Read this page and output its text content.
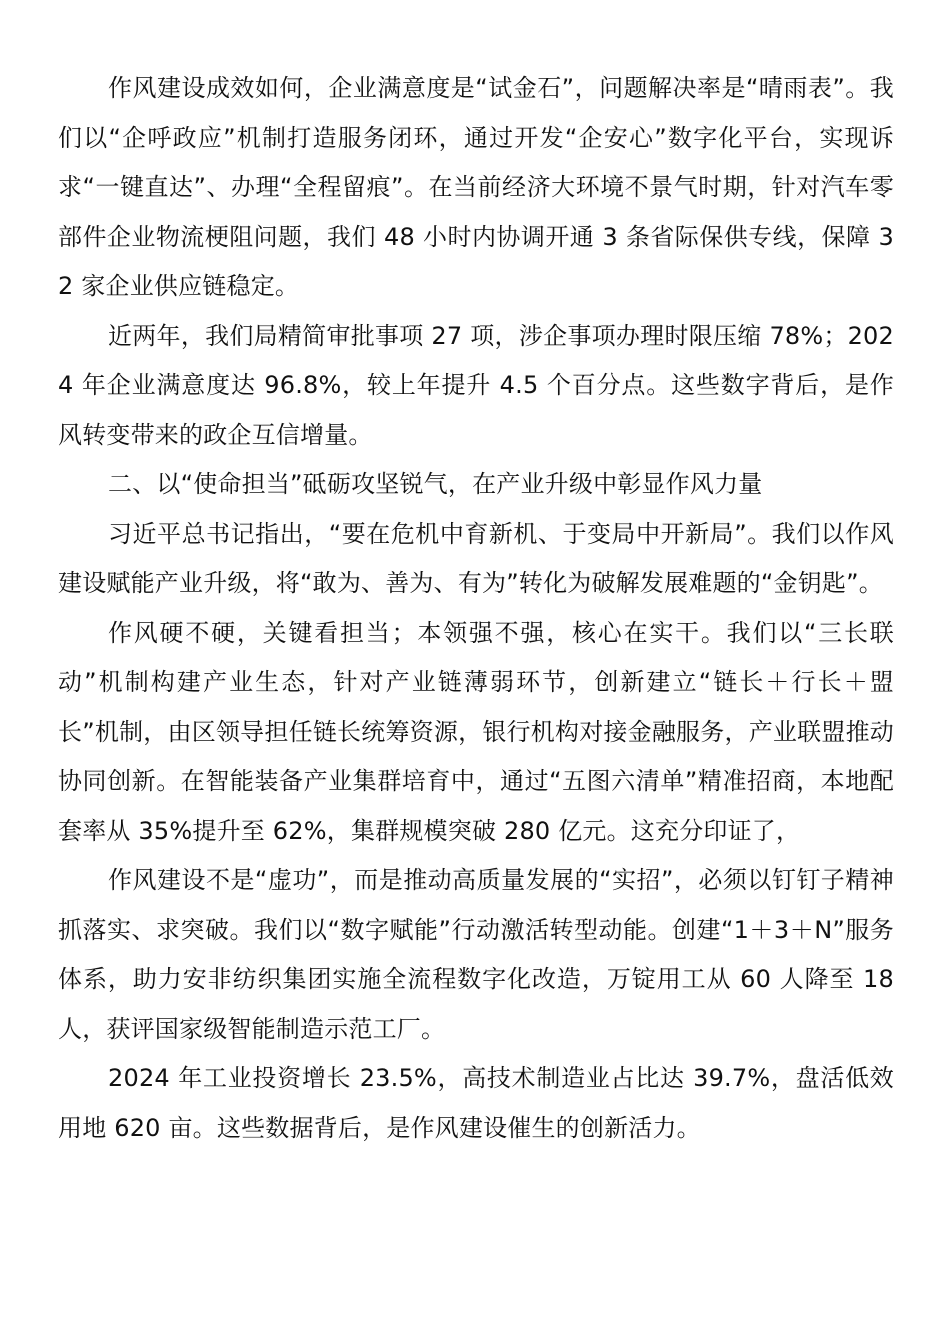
作风建设成效如何，企业满意度是“试金石”，问题解决率是“晴雨表”。我们以“企呼政应”机制打造服务闭环，通过开发“企安心”数字化平台，实现诉求“一键直达”、办理“全程留痕”。在当前经济大环境不景气时期，针对汽车零部件企业物流梗阻问题，我们 48 小时内协调开通 3 条省际保供专线，保障 32 家企业供应链稳定。

近两年，我们局精简审批事项 27 项，涉企事项办理时限压缩 78%；2024 年企业满意度达 96.8%，较上年提升 4.5 个百分点。这些数字背后，是作风转变带来的政企互信增量。

二、以“使命担当”砥砺攻坚锐气，在产业升级中彰显作风力量

习近平总书记指出，“要在危机中育新机、于变局中开新局”。我们以作风建设赋能产业升级，将“敢为、善为、有为”转化为破解发展难题的“金钥匙”。

作风硬不硬，关键看担当；本领强不强，核心在实干。我们以“三长联动”机制构建产业生态，针对产业链薄弱环节，创新建立“链长＋行长＋盟长”机制，由区领导担任链长统筹资源，银行机构对接金融服务，产业联盟推动协同创新。在智能装备产业集群培育中，通过“五图六清单”精准招商，本地配套率从 35%提升至 62%，集群规模突破 280 亿元。这充分印证了，

作风建设不是“虚功”，而是推动高质量发展的“实招”，必须以钉钉子精神抓落实、求突破。我们以“数字赋能”行动激活转型动能。创建“1＋3＋N”服务体系，助力安非纺织集团实施全流程数字化改造，万锭用工从 60 人降至 18 人，获评国家级智能制造示范工厂。

2024 年工业投资增长 23.5%，高技术制造业占比达 39.7%，盘活低效用地 620 亩。这些数据背后，是作风建设催生的创新活力。
